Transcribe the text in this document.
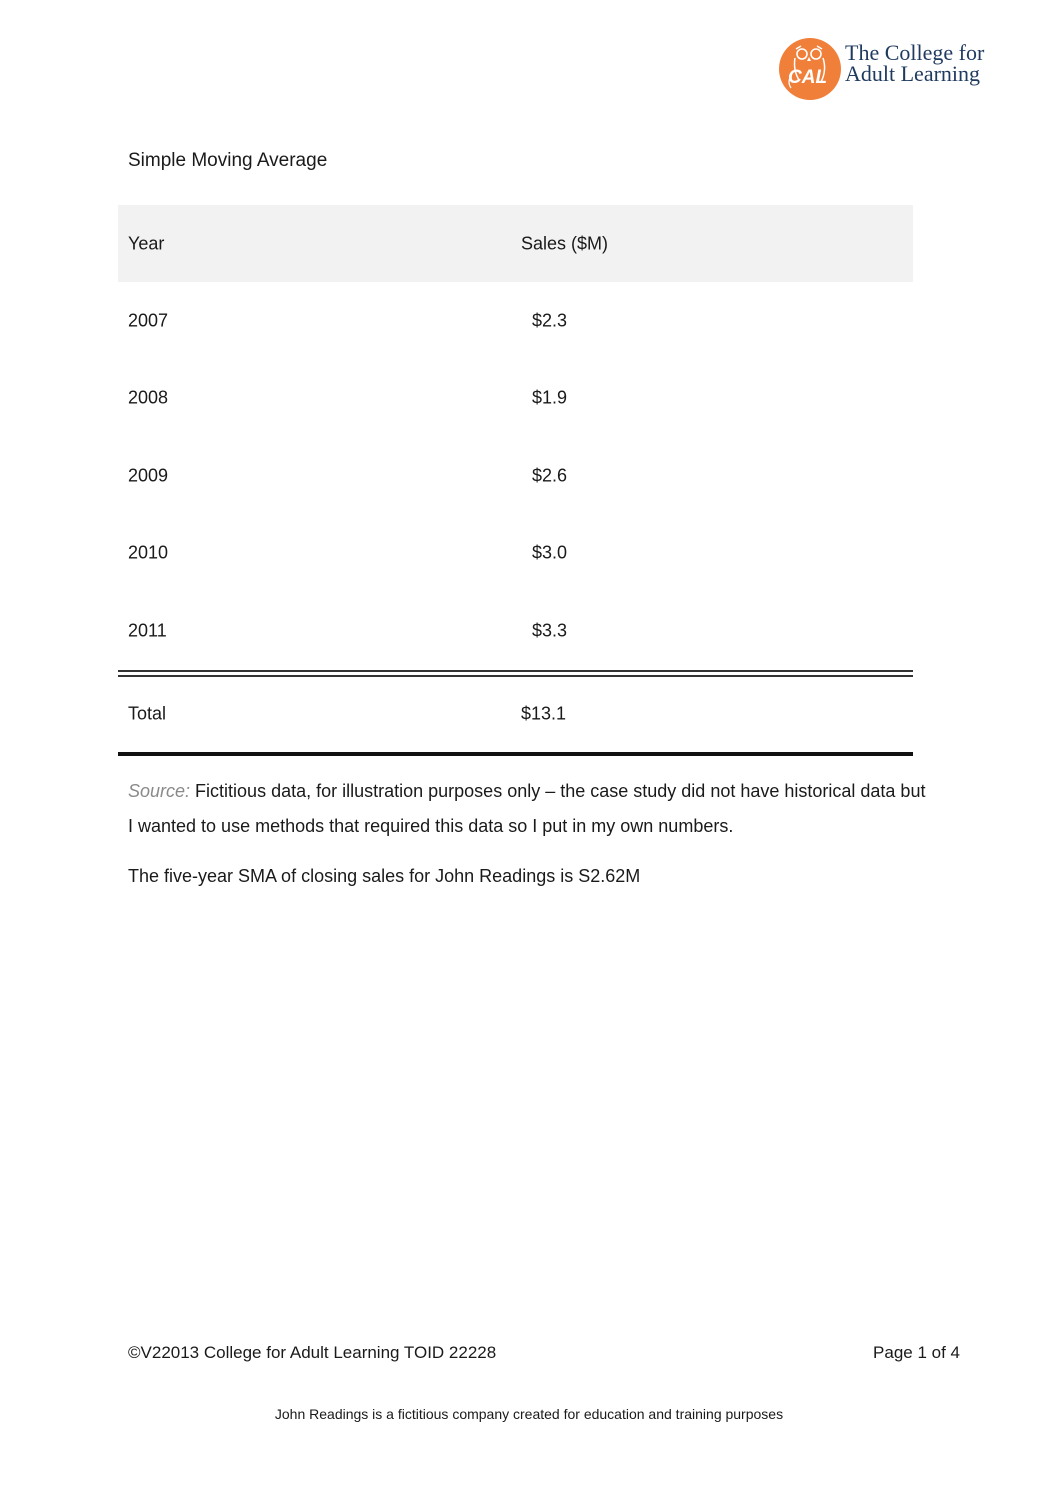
CAL
The College for
Adult Learning
Simple Moving Average
Year	Sales ($M)
2007	$2.3
2008	$1.9
2009	$2.6
2010	$3.0
2011	$3.3
Total	$13.1
Source: Fictitious data, for illustration purposes only – the case study did not have historical data but I wanted to use methods that required this data so I put in my own numbers.
The five-year SMA of closing sales for John Readings is S2.62M
©V22013 College for Adult Learning TOID 22228	Page 1 of 4
John Readings is a fictitious company created for education and training purposes
